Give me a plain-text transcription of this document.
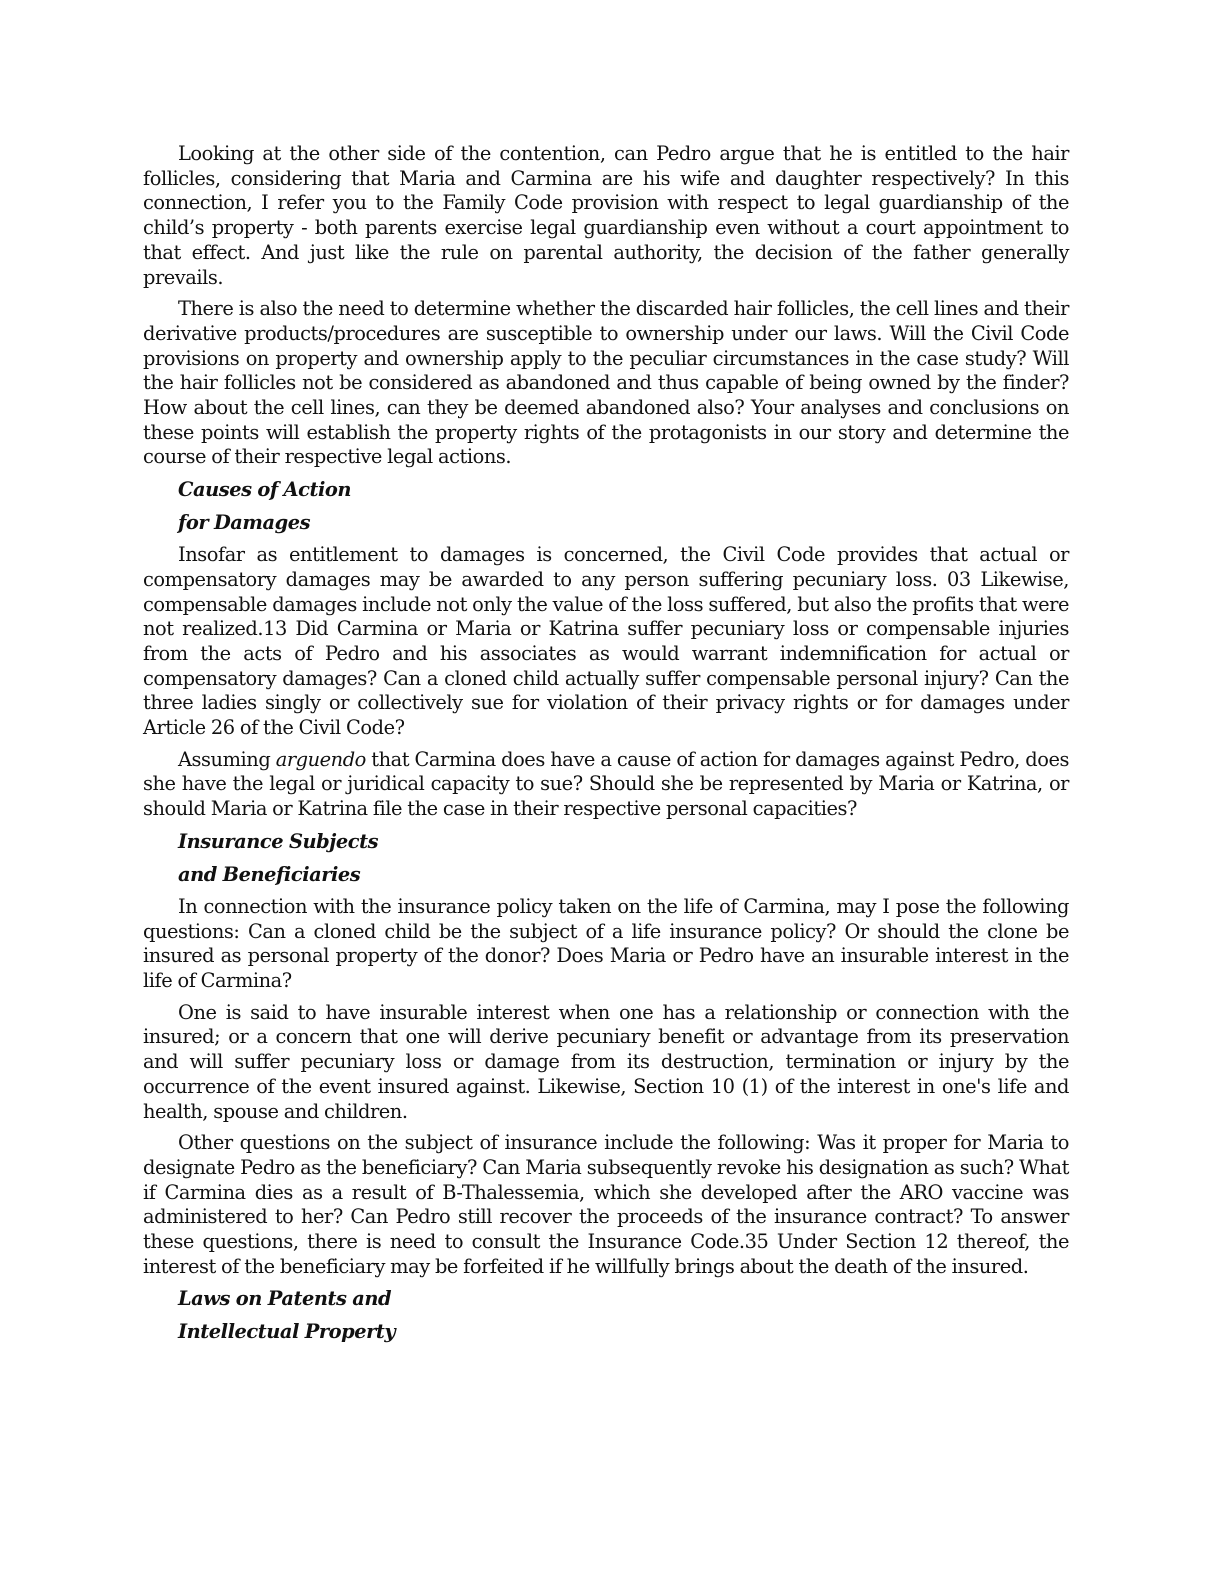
Looking at the other side of the contention, can Pedro argue that he is entitled to the hair follicles, considering that Maria and Carmina are his wife and daughter respectively? In this connection, I refer you to the Family Code provision with respect to legal guardianship of the child’s property - both parents exercise legal guardianship even without a court appointment to that effect. And just like the rule on parental authority, the decision of the father generally prevails.

There is also the need to determine whether the discarded hair follicles, the cell lines and their derivative products/procedures are susceptible to ownership under our laws. Will the Civil Code provisions on property and ownership apply to the peculiar circumstances in the case study? Will the hair follicles not be considered as abandoned and thus capable of being owned by the finder? How about the cell lines, can they be deemed abandoned also? Your analyses and conclusions on these points will establish the property rights of the protagonists in our story and determine the course of their respective legal actions.

Causes of Action
for Damages

Insofar as entitlement to damages is concerned, the Civil Code provides that actual or compensatory damages may be awarded to any person suffering pecuniary loss. 03 Likewise, compensable damages include not only the value of the loss suffered, but also the profits that were not realized.13 Did Carmina or Maria or Katrina suffer pecuniary loss or compensable injuries from the acts of Pedro and his associates as would warrant indemnification for actual or compensatory damages? Can a cloned child actually suffer compensable personal injury? Can the three ladies singly or collectively sue for violation of their privacy rights or for damages under Article 26 of the Civil Code?

Assuming arguendo that Carmina does have a cause of action for damages against Pedro, does she have the legal or juridical capacity to sue? Should she be represented by Maria or Katrina, or should Maria or Katrina file the case in their respective personal capacities?

Insurance Subjects
and Beneficiaries

In connection with the insurance policy taken on the life of Carmina, may I pose the following questions: Can a cloned child be the subject of a life insurance policy? Or should the clone be insured as personal property of the donor? Does Maria or Pedro have an insurable interest in the life of Carmina?

One is said to have insurable interest when one has a relationship or connection with the insured; or a concern that one will derive pecuniary benefit or advantage from its preservation and will suffer pecuniary loss or damage from its destruction, termination or injury by the occurrence of the event insured against. Likewise, Section 10 (1) of the interest in one's life and health, spouse and children.

Other questions on the subject of insurance include the following: Was it proper for Maria to designate Pedro as the beneficiary? Can Maria subsequently revoke his designation as such? What if Carmina dies as a result of B-Thalessemia, which she developed after the ARO vaccine was administered to her? Can Pedro still recover the proceeds of the insurance contract? To answer these questions, there is need to consult the Insurance Code.35 Under Section 12 thereof, the interest of the beneficiary may be forfeited if he willfully brings about the death of the insured.

Laws on Patents and
Intellectual Property
